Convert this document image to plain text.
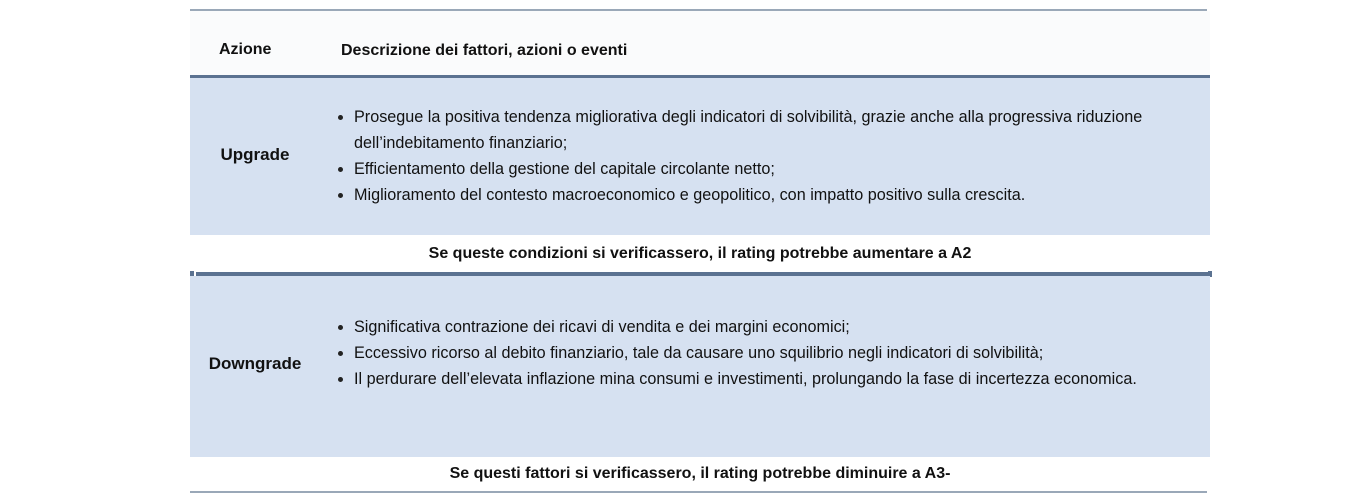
Azione	Descrizione dei fattori, azioni o eventi
Upgrade
Prosegue la positiva tendenza migliorativa degli indicatori di solvibilità, grazie anche alla progressiva riduzione dell’indebitamento finanziario;
Efficientamento della gestione del capitale circolante netto;
Miglioramento del contesto macroeconomico e geopolitico, con impatto positivo sulla crescita.
Se queste condizioni si verificassero, il rating potrebbe aumentare a A2
Downgrade
Significativa contrazione dei ricavi di vendita e dei margini economici;
Eccessivo ricorso al debito finanziario, tale da causare uno squilibrio negli indicatori di solvibilità;
Il perdurare dell’elevata inflazione mina consumi e investimenti, prolungando la fase di incertezza economica.
Se questi fattori si verificassero, il rating potrebbe diminuire a A3-
